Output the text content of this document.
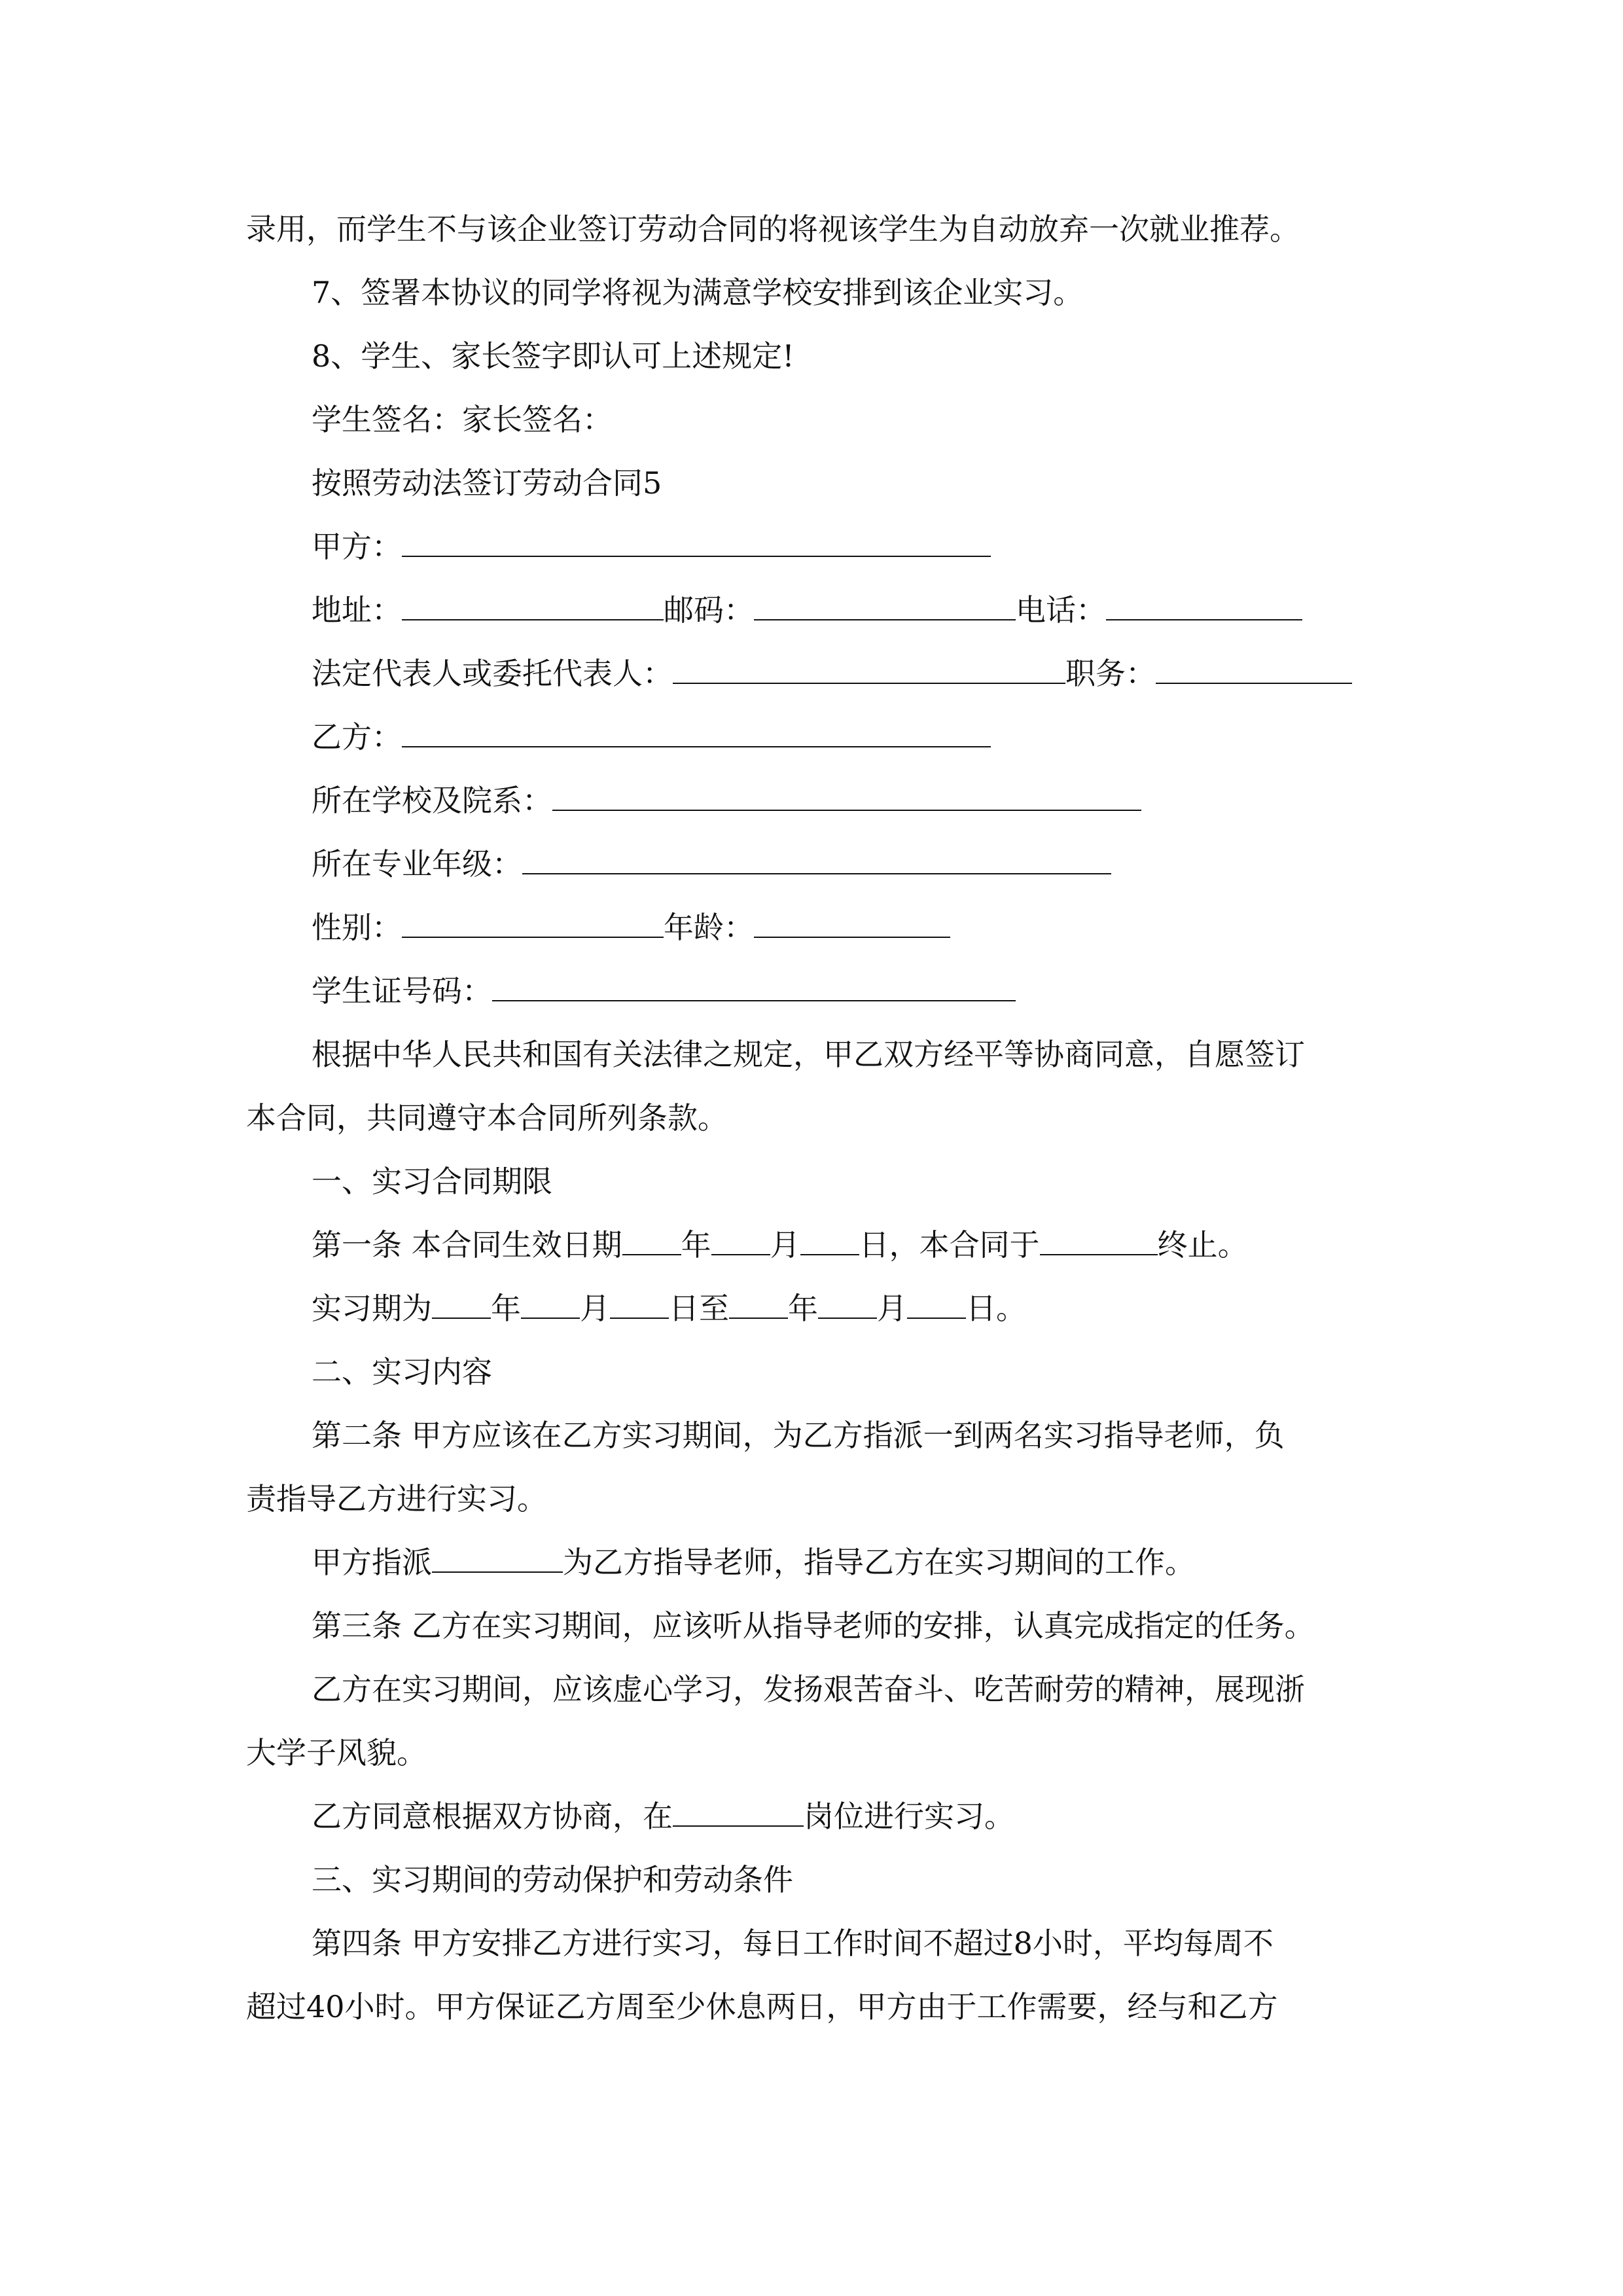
录用，而学生不与该企业签订劳动合同的将视该学生为自动放弃一次就业推荐。
7、签署本协议的同学将视为满意学校安排到该企业实习。
8、学生、家长签字即认可上述规定!
学生签名：家长签名：
按照劳动法签订劳动合同5
甲方：
地址：	邮码：	电话：
法定代表人或委托代表人：	职务：
乙方：
所在学校及院系：
所在专业年级：
性别：	年龄：
学生证号码：
根据中华人民共和国有关法律之规定，甲乙双方经平等协商同意，自愿签订
本合同，共同遵守本合同所列条款。
一、实习合同期限
第一条 本合同生效日期 年 月 日，本合同于	终止。
实习期为 年 月 日至 年 月 日。
二、实习内容
第二条 甲方应该在乙方实习期间，为乙方指派一到两名实习指导老师，负
责指导乙方进行实习。
甲方指派	为乙方指导老师，指导乙方在实习期间的工作。
第三条 乙方在实习期间，应该听从指导老师的安排，认真完成指定的任务。
乙方在实习期间，应该虚心学习，发扬艰苦奋斗、吃苦耐劳的精神，展现浙
大学子风貌。
乙方同意根据双方协商，在	岗位进行实习。
三、实习期间的劳动保护和劳动条件
第四条 甲方安排乙方进行实习，每日工作时间不超过8小时，平均每周不
超过40小时。甲方保证乙方周至少休息两日，甲方由于工作需要，经与和乙方
